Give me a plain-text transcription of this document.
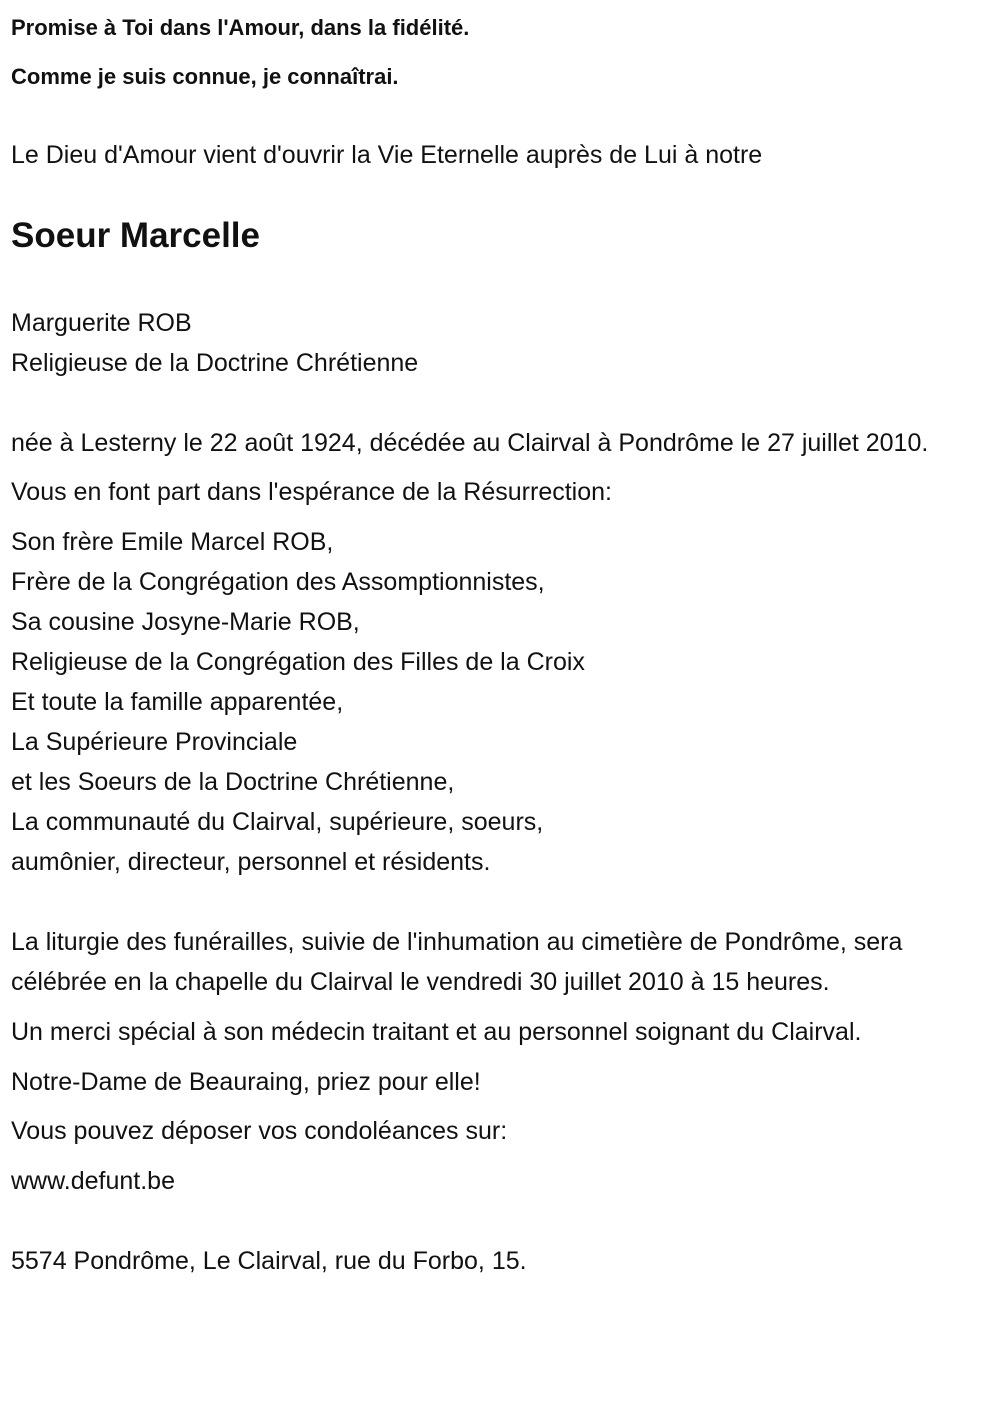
Promise à Toi dans l'Amour, dans la fidélité.
Comme je suis connue, je connaîtrai.
Le Dieu d'Amour vient d'ouvrir la Vie Eternelle auprès de Lui à notre
Soeur Marcelle
Marguerite ROB
Religieuse de la Doctrine Chrétienne
née à Lesterny le 22 août 1924, décédée au Clairval à Pondrôme le 27 juillet 2010.
Vous en font part dans l'espérance de la Résurrection:
Son frère Emile Marcel ROB,
Frère de la Congrégation des Assomptionnistes,
Sa cousine Josyne-Marie ROB,
Religieuse de la Congrégation des Filles de la Croix
Et toute la famille apparentée,
La Supérieure Provinciale
et les Soeurs de la Doctrine Chrétienne,
La communauté du Clairval, supérieure, soeurs,
aumônier, directeur, personnel et résidents.
La liturgie des funérailles, suivie de l'inhumation au cimetière de Pondrôme, sera célébrée en la chapelle du Clairval le vendredi 30 juillet 2010 à 15 heures.
Un merci spécial à son médecin traitant et au personnel soignant du Clairval.
Notre-Dame de Beauraing, priez pour elle!
Vous pouvez déposer vos condoléances sur:
www.defunt.be
5574 Pondrôme, Le Clairval, rue du Forbo, 15.
